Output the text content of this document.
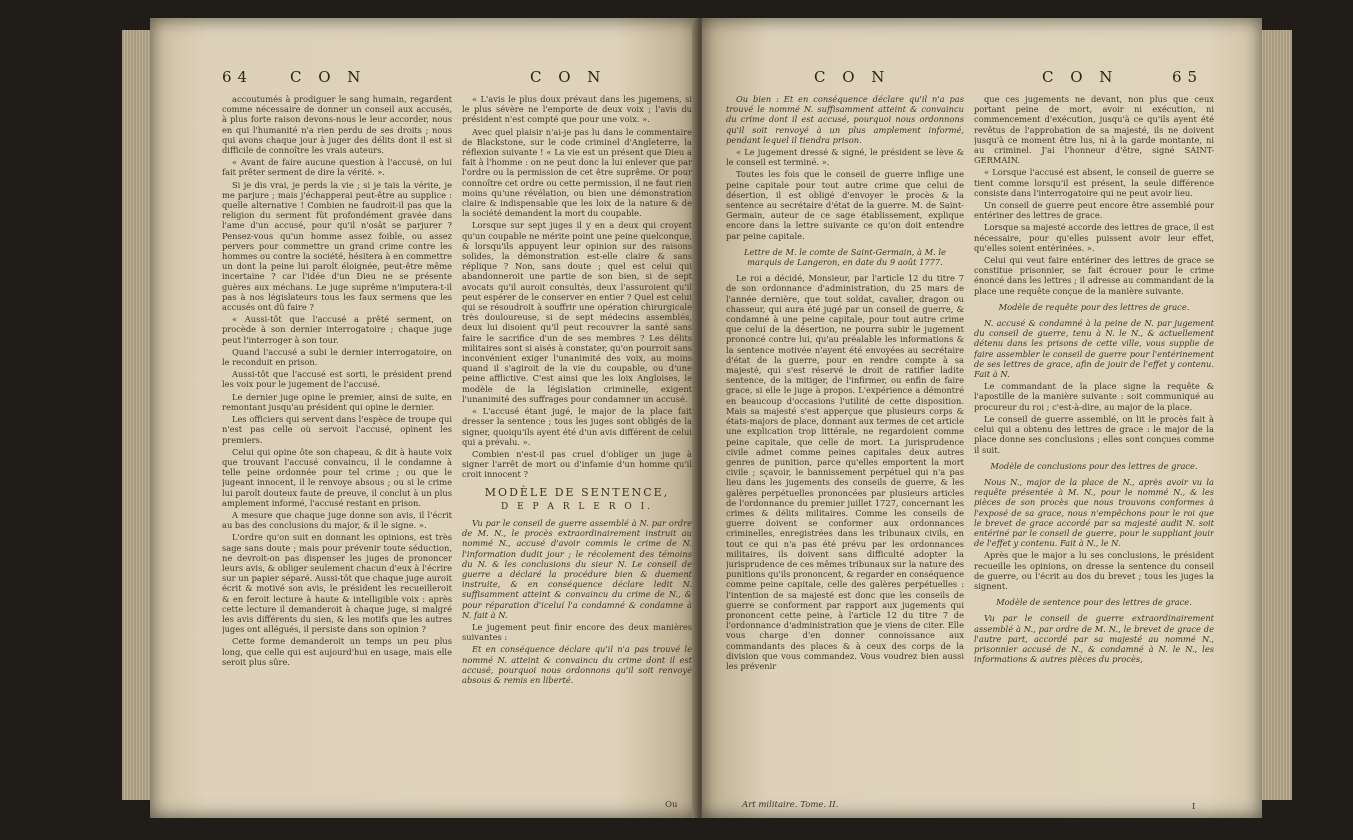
64 C O N	C O N

accoutumés à prodiguer le sang humain, regardent comme nécessaire de donner un conseil aux accusés, à plus forte raison devons-nous le leur accorder, nous en qui l'humanité n'a rien perdu de ses droits ; nous qui avons chaque jour à juger des délits dont il est si difficile de connoître les vrais auteurs.

« Avant de faire aucune question à l'accusé, on lui fait prêter serment de dire la vérité. ».

Si je dis vrai, je perds la vie ; si je tais la vérite, je me parjure ; mais j'échapperai peut-être au supplice : quelle alternative ! Combien ne faudroit-il pas que la religion du serment fût profondément gravée dans l'ame d'un accusé, pour qu'il n'osât se parjurer ? Pensez-vous qu'un homme assez foible, ou assez pervers pour commettre un grand crime contre les hommes ou contre la société, hésitera à en commettre un dont la peine lui paroît éloignée, peut-être même incertaine ? car l'idée d'un Dieu ne se présente guères aux méchans. Le juge suprême n'imputera-t-il pas à nos législateurs tous les faux sermens que les accusés ont dû faire ?

« Aussi-tôt que l'accusé a prêté serment, on procède à son dernier interrogatoire ; chaque juge peut l'interroger à son tour.

Quand l'accusé a subi le dernier interrogatoire, on le reconduit en prison.

Aussi-tôt que l'accusé est sorti, le président prend les voix pour le jugement de l'accusé.

Le dernier juge opine le premier, ainsi de suite, en remontant jusqu'au président qui opine le dernier.

Les officiers qui servent dans l'espèce de troupe qui n'est pas celle où servoit l'accusé, opinent les premiers.

Celui qui opine ôte son chapeau, & dit à haute voix que trouvant l'accusé convaincu, il le condamne à telle peine ordonnée pour tel crime ; ou que le jugeant innocent, il le renvoye absous ; ou si le crime lui paroît douteux faute de preuve, il conclut à un plus amplement informé, l'accusé restant en prison.

A mesure que chaque juge donne son avis, il l'écrit au bas des conclusions du major, & il le signe. ».

L'ordre qu'on suit en donnant les opinions, est très sage sans doute ; mais pour prévenir toute séduction, ne devroit-on pas dispenser les juges de prononcer leurs avis, & obliger seulement chacun d'eux à l'écrire sur un papier séparé. Aussi-tôt que chaque juge auroit écrit & motivé son avis, le président les recueilleroit & en feroit lecture à haute & intelligible voix : après cette lecture il demanderoit à chaque juge, si malgré les avis différents du sien, & les motifs que les autres juges ont allégués, il persiste dans son opinion ?

Cette forme demanderoit un temps un peu plus long, que celle qui est aujourd'hui en usage, mais elle seroit plus sûre.

« L'avis le plus doux prévaut dans les jugemens, si le plus sévère ne l'emporte de deux voix ; l'avis du président n'est compté que pour une voix. ».

Avec quel plaisir n'ai-je pas lu dans le commentaire de Blackstone, sur le code criminel d'Angleterre, la réflexion suivante ! « La vie est un présent que Dieu a fait à l'homme : on ne peut donc la lui enlever que par l'ordre ou la permission de cet être suprême. Or pour connoître cet ordre ou cette permission, il ne faut rien moins qu'une révélation, ou bien une démonstration claire & indispensable que les loix de la nature & de la société demandent la mort du coupable.

Lorsque sur sept juges il y en a deux qui croyent qu'un coupable ne mérite point une peine quelconque, & lorsqu'ils appuyent leur opinion sur des raisons solides, la démonstration est-elle claire & sans réplique ? Non, sans doute ; quel est celui qui abandonneroit une partie de son bien, si de sept avocats qu'il auroit consultés, deux l'assuroient qu'il peut espérer de le conserver en entier ? Quel est celui qui se résoudroit à souffrir une opération chirurgicale très douloureuse, si de sept médecins assemblés, deux lui disoient qu'il peut recouvrer la santé sans faire le sacrifice d'un de ses membres ? Les délits militaires sont si aisés à constater, qu'on pourroit sans inconvénient exiger l'unanimité des voix, au moins quand il s'agiroit de la vie du coupable, ou d'une peine afflictive. C'est ainsi que les loix Angloises, le modèle de la législation criminelle, exigent l'unanimité des suffrages pour condamner un accusé.

« L'accusé étant jugé, le major de la place fait dresser la sentence ; tous les juges sont obligés de la signer, quoiqu'ils ayent été d'un avis différent de celui qui a prévalu. ».

Combien n'est-il pas cruel d'obliger un juge à signer l'arrêt de mort ou d'infamie d'un homme qu'il croit innocent ?

MODÈLE DE SENTENCE,

D E P A R L E R O I.

Vu par le conseil de guerre assemblé à N. par ordre de M. N., le procès extraordinairement instruit au nommé N., accusé d'avoir commis le crime de N. l'information dudit jour ; le récolement des témoins du N. & les conclusions du sieur N. Le conseil de guerre a déclaré la procédure bien & duement instruite, & en conséquence déclare ledit N. suffisamment atteint & convaincu du crime de N., & pour réparation d'iceluí l'a condamné & condamne à N. fait à N.

Le jugement peut finir encore des deux manières suivantes :

Et en conséquence déclare qu'il n'a pas trouvé le nommé N. atteint & convaincu du crime dont il est accusé, pourquoi nous ordonnons qu'il soit renvoyé absous & remis en liberté.

Ou
C O N	C O N	65

Ou bien : Et en conséquence déclare qu'il n'a pas trouvé le nommé N. suffisamment atteint & convaincu du crime dont il est accusé, pourquoi nous ordonnons qu'il soit renvoyé à un plus amplement informé, pendant lequel il tiendra prison.

« Le jugement dressé & signé, le président se lève & le conseil est terminé. ».

Toutes les fois que le conseil de guerre inflige une peine capitale pour tout autre crime que celui de désertion, il est obligé d'envoyer le procès & la sentence au secrétaire d'état de la guerre. M. de Saint-Germain, auteur de ce sage établissement, explique encore dans la lettre suivante ce qu'on doit entendre par peine capitale.

Lettre de M. le comte de Saint-Germain, à M. le marquis de Langeron, en date du 9 août 1777.

Le roi a décidé, Monsieur, par l'article 12 du titre 7 de son ordonnance d'administration, du 25 mars de l'année dernière, que tout soldat, cavalier, dragon ou chasseur, qui aura été jugé par un conseil de guerre, & condamné à une peine capitale, pour tout autre crime que celui de la désertion, ne pourra subir le jugement prononcé contre lui, qu'au préalable les informations & la sentence motivée n'ayent été envoyées au secrétaire d'état de la guerre, pour en rendre compte à sa majesté, qui s'est réservé le droit de ratifier ladite sentence, de la mitiger, de l'infirmer, ou enfin de faire grace, si elle le juge à propos. L'expérience a démontré en beaucoup d'occasions l'utilité de cette disposition. Mais sa majesté s'est apperçue que plusieurs corps & états-majors de place, donnant aux termes de cet article une explication trop littérale, ne regardoient comme peine capitale, que celle de mort. La jurisprudence civile admet comme peines capitales deux autres genres de punition, parce qu'elles emportent la mort civile ; sçavoir, le bannissement perpétuel qui n'a pas lieu dans les jugements des conseils de guerre, & les galères perpétuelles prononcées par plusieurs articles de l'ordonnance du premier juillet 1727, concernant les crimes & délits militaires. Comme les conseils de guerre doivent se conformer aux ordonnances criminelles, enregistrées dans les tribunaux civils, en tout ce qui n'a pas été prévu par les ordonnances militaires, ils doivent sans difficulté adopter la jurisprudence de ces mêmes tribunaux sur la nature des punitions qu'ils prononcent, & regarder en conséquence comme peine capitale, celle des galères perpétuelles : l'intention de sa majesté est donc que les conseils de guerre se conforment par rapport aux jugements qui prononcent cette peine, à l'article 12 du titre 7 de l'ordonnance d'administration que je viens de citer. Elle vous charge d'en donner connoissance aux commandants des places & à ceux des corps de la division que vous commandez. Vous voudrez bien aussi les prévenir

Art militaire. Tome. II.

que ces jugements ne devant, non plus que ceux portant peine de mort, avoir ni exécution, ni commencement d'exécution, jusqu'à ce qu'ils ayent été revêtus de l'approbation de sa majesté, ils ne doivent jusqu'à ce moment être lus, ni à la garde montante, ni au criminel. J'ai l'honneur d'être, signé SAINT-GERMAIN.

« Lorsque l'accusé est absent, le conseil de guerre se tient comme lorsqu'il est présent, la seule différence consiste dans l'interrogatoire qui ne peut avoir lieu.

Un conseil de guerre peut encore être assemblé pour entériner des lettres de grace.

Lorsque sa majesté accorde des lettres de grace, il est nécessaire, pour qu'elles puissent avoir leur effet, qu'elles soient entérinées. ».

Celui qui veut faire entériner des lettres de grace se constitue prisonnier, se fait écrouer pour le crime énoncé dans les lettres ; il adresse au commandant de la place une requête conçue de la manière suivante.

Modèle de requête pour des lettres de grace.

N. accusé & condamné à la peine de N. par jugement du conseil de guerre, tenu à N. le N., & actuellement détenu dans les prisons de cette ville, vous supplie de faire assembler le conseil de guerre pour l'entérinement de ses lettres de grace, afin de jouir de l'effet y contenu. Fait à N.

Le commandant de la place signe la requête & l'apostille de la manière suivante : soit communiqué au procureur du roi ; c'est-à-dire, au major de la place.

Le conseil de guerre assemblé, on lit le procès fait à celui qui a obtenu des lettres de grace : le major de la place donne ses conclusions ; elles sont conçues comme il suit.

Modèle de conclusions pour des lettres de grace.

Nous N., major de la place de N., après avoir vu la requête présentée à M. N., pour le nommé N., & les pièces de son procès que nous trouvons conformes à l'exposé de sa grace, nous n'empêchons pour le roi que le brevet de grace accordé par sa majesté audit N. soit entériné par le conseil de guerre, pour le suppliant jouir de l'effet y contenu. Fait à N., le N.

Après que le major a lu ses conclusions, le président recueille les opinions, on dresse la sentence du conseil de guerre, ou l'écrit au dos du brevet ; tous les juges la signent.

Modèle de sentence pour des lettres de grace.

Vu par le conseil de guerre extraordinairement assemblé à N., par ordre de M. N., le brevet de grace de l'autre part, accordé par sa majesté au nommé N., prisonnier accusé de N., & condamné à N. le N., les informations & autres pièces du procès,

I
